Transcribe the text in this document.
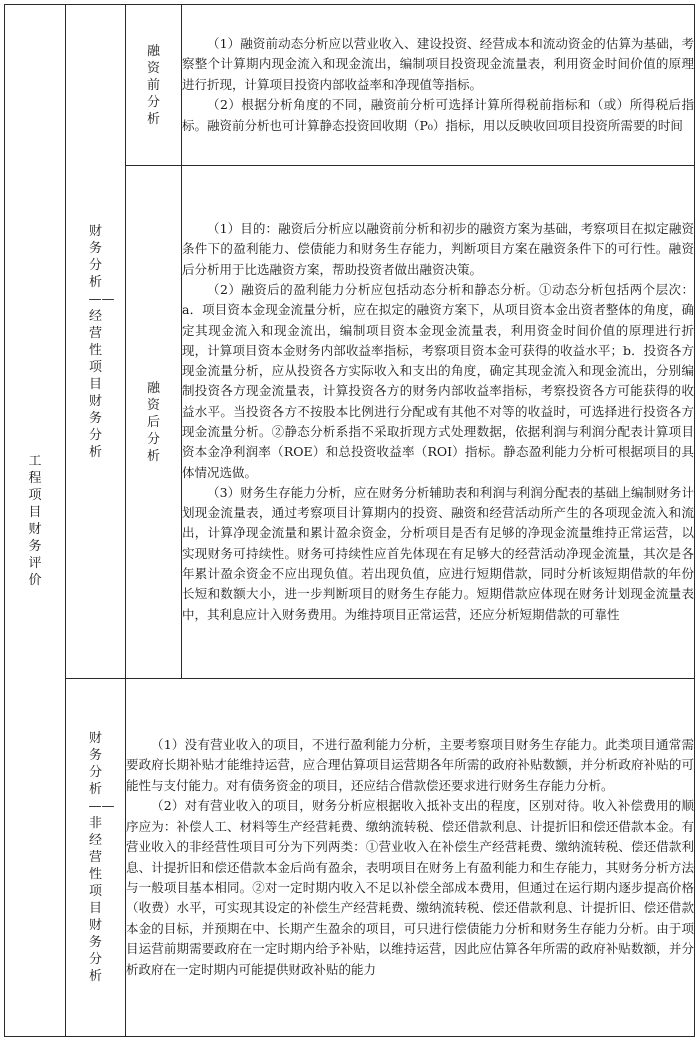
工程项目财务评价	财务分析——经营性项目财务分析	融资前分析	（1）融资前动态分析应以营业收入、建设投资、经营成本和流动资金的估算为基础，考察整个计算期内现金流入和现金流出，编制项目投资现金流量表，利用资金时间价值的原理进行折现，计算项目投资内部收益率和净现值等指标。

（2）根据分析角度的不同，融资前分析可选择计算所得税前指标和（或）所得税后指标。融资前分析也可计算静态投资回收期（P₀）指标，用以反映收回项目投资所需要的时间

		融资后分析	（1）目的：融资后分析应以融资前分析和初步的融资方案为基础，考察项目在拟定融资条件下的盈利能力、偿债能力和财务生存能力，判断项目方案在融资条件下的可行性。融资后分析用于比选融资方案，帮助投资者做出融资决策。

（2）融资后的盈利能力分析应包括动态分析和静态分析。①动态分析包括两个层次：a．项目资本金现金流量分析，应在拟定的融资方案下，从项目资本金出资者整体的角度，确定其现金流入和现金流出，编制项目资本金现金流量表，利用资金时间价值的原理进行折现，计算项目资本金财务内部收益率指标，考察项目资本金可获得的收益水平；b．投资各方现金流量分析，应从投资各方实际收入和支出的角度，确定其现金流入和现金流出，分别编制投资各方现金流量表，计算投资各方的财务内部收益率指标，考察投资各方可能获得的收益水平。当投资各方不按股本比例进行分配或有其他不对等的收益时，可选择进行投资各方现金流量分析。②静态分析系指不采取折现方式处理数据，依据利润与利润分配表计算项目资本金净利润率（ROE）和总投资收益率（ROI）指标。静态盈利能力分析可根据项目的具体情况选做。

（3）财务生存能力分析，应在财务分析辅助表和利润与利润分配表的基础上编制财务计划现金流量表，通过考察项目计算期内的投资、融资和经营活动所产生的各项现金流入和流出，计算净现金流量和累计盈余资金，分析项目是否有足够的净现金流量维持正常运营，以实现财务可持续性。财务可持续性应首先体现在有足够大的经营活动净现金流量，其次是各年累计盈余资金不应出现负值。若出现负值，应进行短期借款，同时分析该短期借款的年份长短和数额大小，进一步判断项目的财务生存能力。短期借款应体现在财务计划现金流量表中，其利息应计入财务费用。为维持项目正常运营，还应分析短期借款的可靠性

	财务分析——非经营性项目财务分析	（1）没有营业收入的项目，不进行盈利能力分析，主要考察项目财务生存能力。此类项目通常需要政府长期补贴才能维持运营，应合理估算项目运营期各年所需的政府补贴数额，并分析政府补贴的可能性与支付能力。对有债务资金的项目，还应结合借款偿还要求进行财务生存能力分析。

（2）对有营业收入的项目，财务分析应根据收入抵补支出的程度，区别对待。收入补偿费用的顺序应为：补偿人工、材料等生产经营耗费、缴纳流转税、偿还借款利息、计提折旧和偿还借款本金。有营业收入的非经营性项目可分为下列两类：①营业收入在补偿生产经营耗费、缴纳流转税、偿还借款利息、计提折旧和偿还借款本金后尚有盈余，表明项目在财务上有盈利能力和生存能力，其财务分析方法与一般项目基本相同。②对一定时期内收入不足以补偿全部成本费用，但通过在运行期内逐步提高价格（收费）水平，可实现其设定的补偿生产经营耗费、缴纳流转税、偿还借款利息、计提折旧、偿还借款本金的目标，并预期在中、长期产生盈余的项目，可只进行偿债能力分析和财务生存能力分析。由于项目运营前期需要政府在一定时期内给予补贴，以维持运营，因此应估算各年所需的政府补贴数额，并分析政府在一定时期内可能提供财政补贴的能力	
